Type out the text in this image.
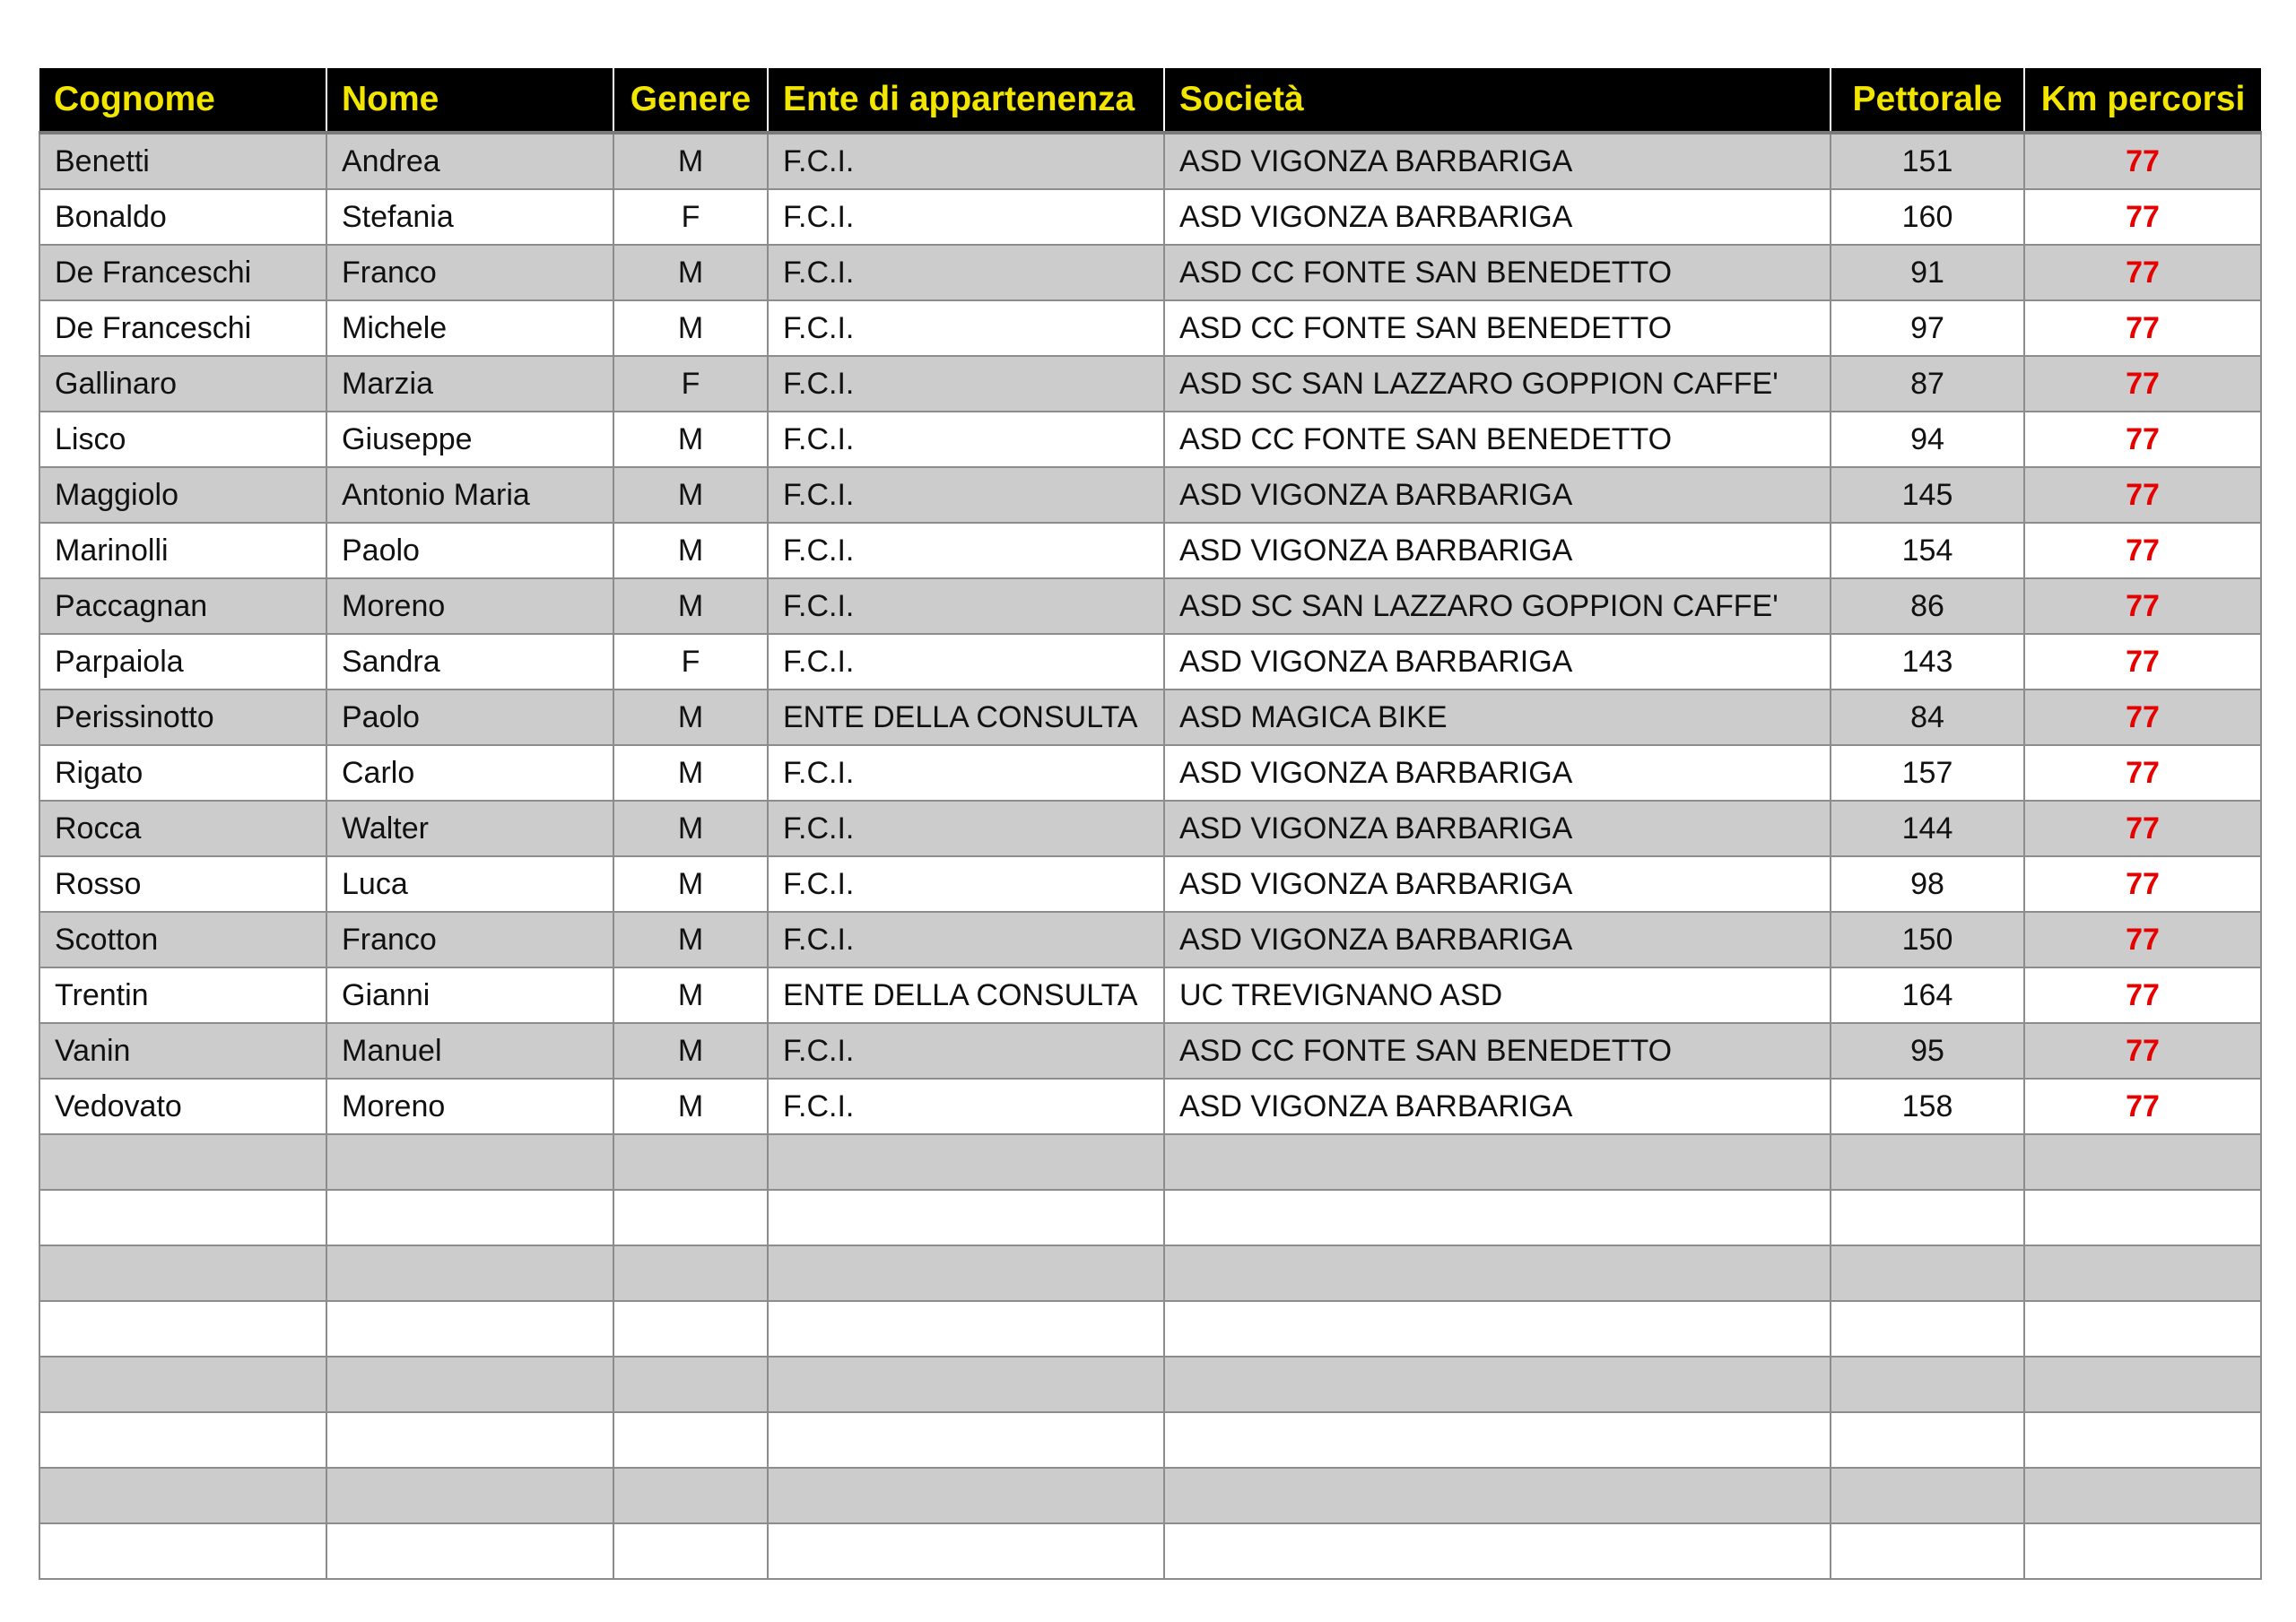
Cognome	Nome	Genere	Ente di appartenenza	Società	Pettorale	Km percorsi
Benetti	Andrea	M	F.C.I.	ASD VIGONZA BARBARIGA	151	77
Bonaldo	Stefania	F	F.C.I.	ASD VIGONZA BARBARIGA	160	77
De Franceschi	Franco	M	F.C.I.	ASD CC FONTE SAN BENEDETTO	91	77
De Franceschi	Michele	M	F.C.I.	ASD CC FONTE SAN BENEDETTO	97	77
Gallinaro	Marzia	F	F.C.I.	ASD SC SAN LAZZARO GOPPION CAFFE'	87	77
Lisco	Giuseppe	M	F.C.I.	ASD CC FONTE SAN BENEDETTO	94	77
Maggiolo	Antonio Maria	M	F.C.I.	ASD VIGONZA BARBARIGA	145	77
Marinolli	Paolo	M	F.C.I.	ASD VIGONZA BARBARIGA	154	77
Paccagnan	Moreno	M	F.C.I.	ASD SC SAN LAZZARO GOPPION CAFFE'	86	77
Parpaiola	Sandra	F	F.C.I.	ASD VIGONZA BARBARIGA	143	77
Perissinotto	Paolo	M	ENTE DELLA CONSULTA	ASD MAGICA BIKE	84	77
Rigato	Carlo	M	F.C.I.	ASD VIGONZA BARBARIGA	157	77
Rocca	Walter	M	F.C.I.	ASD VIGONZA BARBARIGA	144	77
Rosso	Luca	M	F.C.I.	ASD VIGONZA BARBARIGA	98	77
Scotton	Franco	M	F.C.I.	ASD VIGONZA BARBARIGA	150	77
Trentin	Gianni	M	ENTE DELLA CONSULTA	UC TREVIGNANO ASD	164	77
Vanin	Manuel	M	F.C.I.	ASD CC FONTE SAN BENEDETTO	95	77
Vedovato	Moreno	M	F.C.I.	ASD VIGONZA BARBARIGA	158	77
